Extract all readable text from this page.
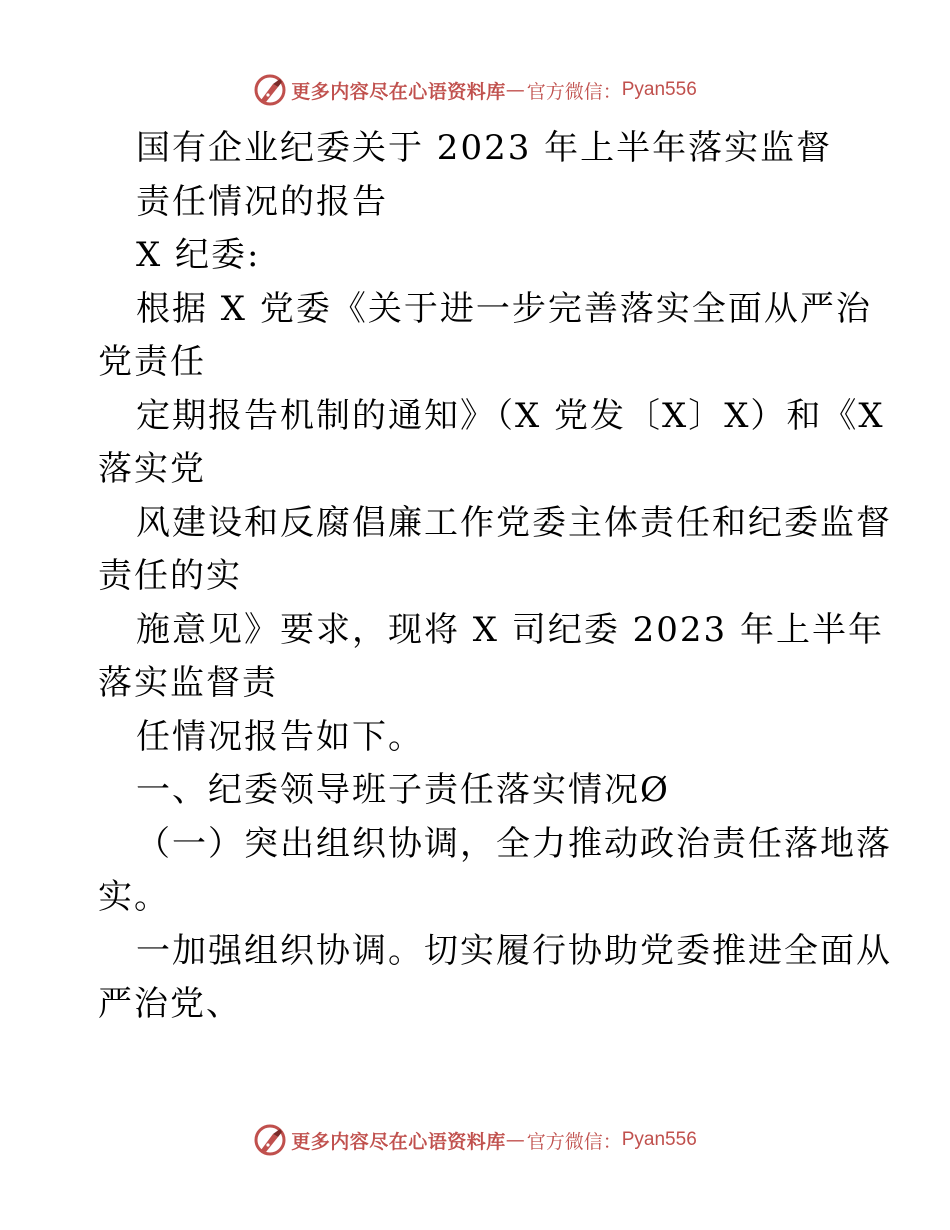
更多内容尽在心语资料库 — 官方微信： Pyan556
国有企业纪委关于 2023 年上半年落实监督
责任情况的报告
X 纪委:
根据 X 党委《关于进一步完善落实全面从严治
党责任
定期报告机制的通知》（X 党发〔X〕X）和《X
落实党
风建设和反腐倡廉工作党委主体责任和纪委监督
责任的实
施意见》要求，现将 X 司纪委 2023 年上半年
落实监督责
任情况报告如下。
一、纪委领导班子责任落实情况Ø
（一）突出组织协调，全力推动政治责任落地落
实。
一加强组织协调。切实履行协助党委推进全面从
严治党、
更多内容尽在心语资料库 — 官方微信： Pyan556
